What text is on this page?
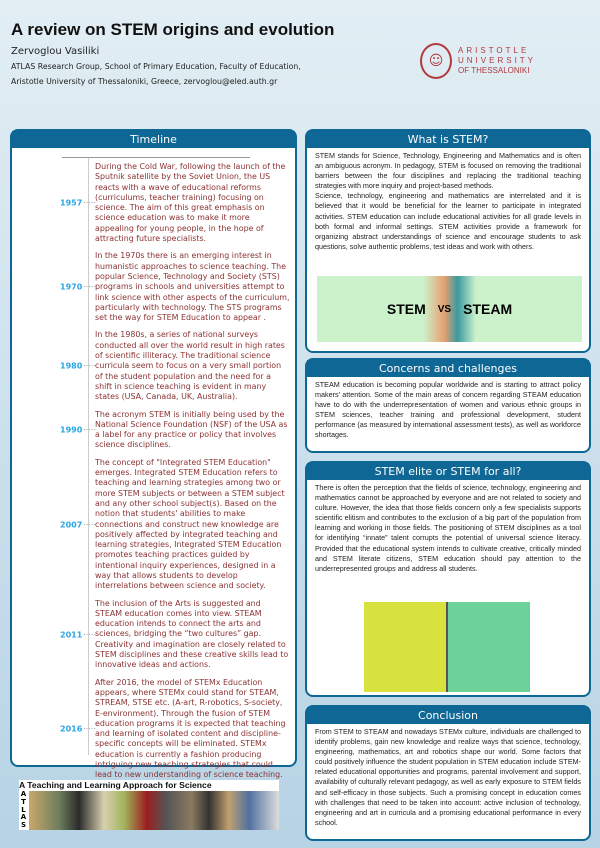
A review on STEM origins and evolution
Zervoglou Vasiliki
ATLAS Research Group, School of Primary Education, Faculty of Education,
Aristotle University of Thessaloniki, Greece, zervoglou@eled.auth.gr
☺
ARISTOTLE
UNIVERSITY
OF THESSALONIKI
Timeline
1957 ·····

During the Cold War, following the launch of the Sputnik satellite by the Soviet Union, the US reacts with a wave of educational reforms (curriculums, teacher training) focusing on science. The aim of this great emphasis on science education was to make it more appealing for young people, in the hope of attracting future specialists.

1970 ·····

In the 1970s there is an emerging interest in humanistic approaches to science teaching. The popular Science, Technology and Society (STS) programs in schools and universities attempt to link science with other aspects of the curriculum, particularly with technology. The STS programs set the way for STEM Education to appear .

1980 ·····

In the 1980s, a series of national surveys conducted all over the world result in high rates of scientific illiteracy. The traditional science curricula seem to focus on a very small portion of the student population and the need for a shift in science teaching is evident in many states (USA, Canada, UK, Australia).

1990 ·····

The acronym STEM is initially being used by the National Science Foundation (NSF) of the USA as a label for any practice or policy that involves science disciplines.

2007 ·····

The concept of "Integrated STEM Education" emerges. Integrated STEM Education refers to teaching and learning strategies among two or more STEM subjects or between a STEM subject and any other school subject(s). Based on the notion that students' abilities to make connections and construct new knowledge are positively affected by integrated teaching and learning strategies, Integrated STEM Education promotes teaching practices guided by intentional inquiry experiences, designed in a way that allows students to develop interrelations between science and society.

2011 ·····

The inclusion of the Arts is suggested and STEAM education comes into view. STEAM education intends to connect the arts and sciences, bridging the “two cultures” gap. Creativity and imagination are closely related to STEM disciplines and these creative skills lead to innovative ideas and actions.

2016 ·····

After 2016, the model of STEMx Education appears, where STEMx could stand for STEAM, STREAM, STSE etc. (A-art, R-robotics, S-society, E-environment). Through the fusion of STEM education programs it is expected that teaching and learning of isolated content and discipline-specific concepts will be eliminated. STEMx education is currently a fashion producing intriguing new teaching strategies that could lead to new understanding of science teaching.

A Teaching and Learning Approach for Science
A
T
L
A
S
What is STEM?
STEM stands for Science, Technology, Engineering and Mathematics and is often an ambiguous acronym. In pedagogy, STEM is focused on removing the traditional barriers between the four disciplines and replacing the traditional teaching strategies with more inquiry and project-based methods.
Science, technology, engineering and mathematics are interrelated and it is believed that it would be beneficial for the learner to participate in integrated activities. STEM education can include educational activities for all grade levels in both formal and informal settings. STEM activities provide a framework for organizing abstract understandings of science and encourage students to ask questions, solve authentic problems, test ideas and work with others.
STEM VS STEAM
Concerns and challenges
STEAM education is becoming popular worldwide and is starting to attract policy makers' attention. Some of the main areas of concern regarding STEAM education have to do with the underrepresentation of women and various ethnic groups in STEM sciences, teacher training and professional development, student performance (as measured by international assessment tests), as well as workforce shortages.
STEM elite or STEM for all?
There is often the perception that the fields of science, technology, engineering and mathematics cannot be approached by everyone and are not related to society and culture. However, the idea that those fields concern only a few specialists supports scientific elitism and contributes to the exclusion of a big part of the population from learning and working in those fields. The positioning of STEM disciplines as a tool for identifying “innate” talent corrupts the potential of universal science literacy. Provided that the educational system intends to cultivate creative, critically minded and STEM literate citizens, STEM education should pay attention to the underrepresented groups and address all students.
Conclusion
From STEM to STEAM and nowadays STEMx culture, individuals are challenged to identify problems, gain new knowledge and realize ways that science, technology, engineering, mathematics, art and robotics shape our world. Some factors that could positively influence the student population in STEM education include STEM-related educational opportunities and programs, parental involvement and support, availability of culturally relevant pedagogy, as well as early exposure to STEM fields and self-efficacy in those subjects. Such a promising concept in education comes with challenges that need to be taken into account: active inclusion of technology, engineering and art in curricula and a promising educational performance in every school.
